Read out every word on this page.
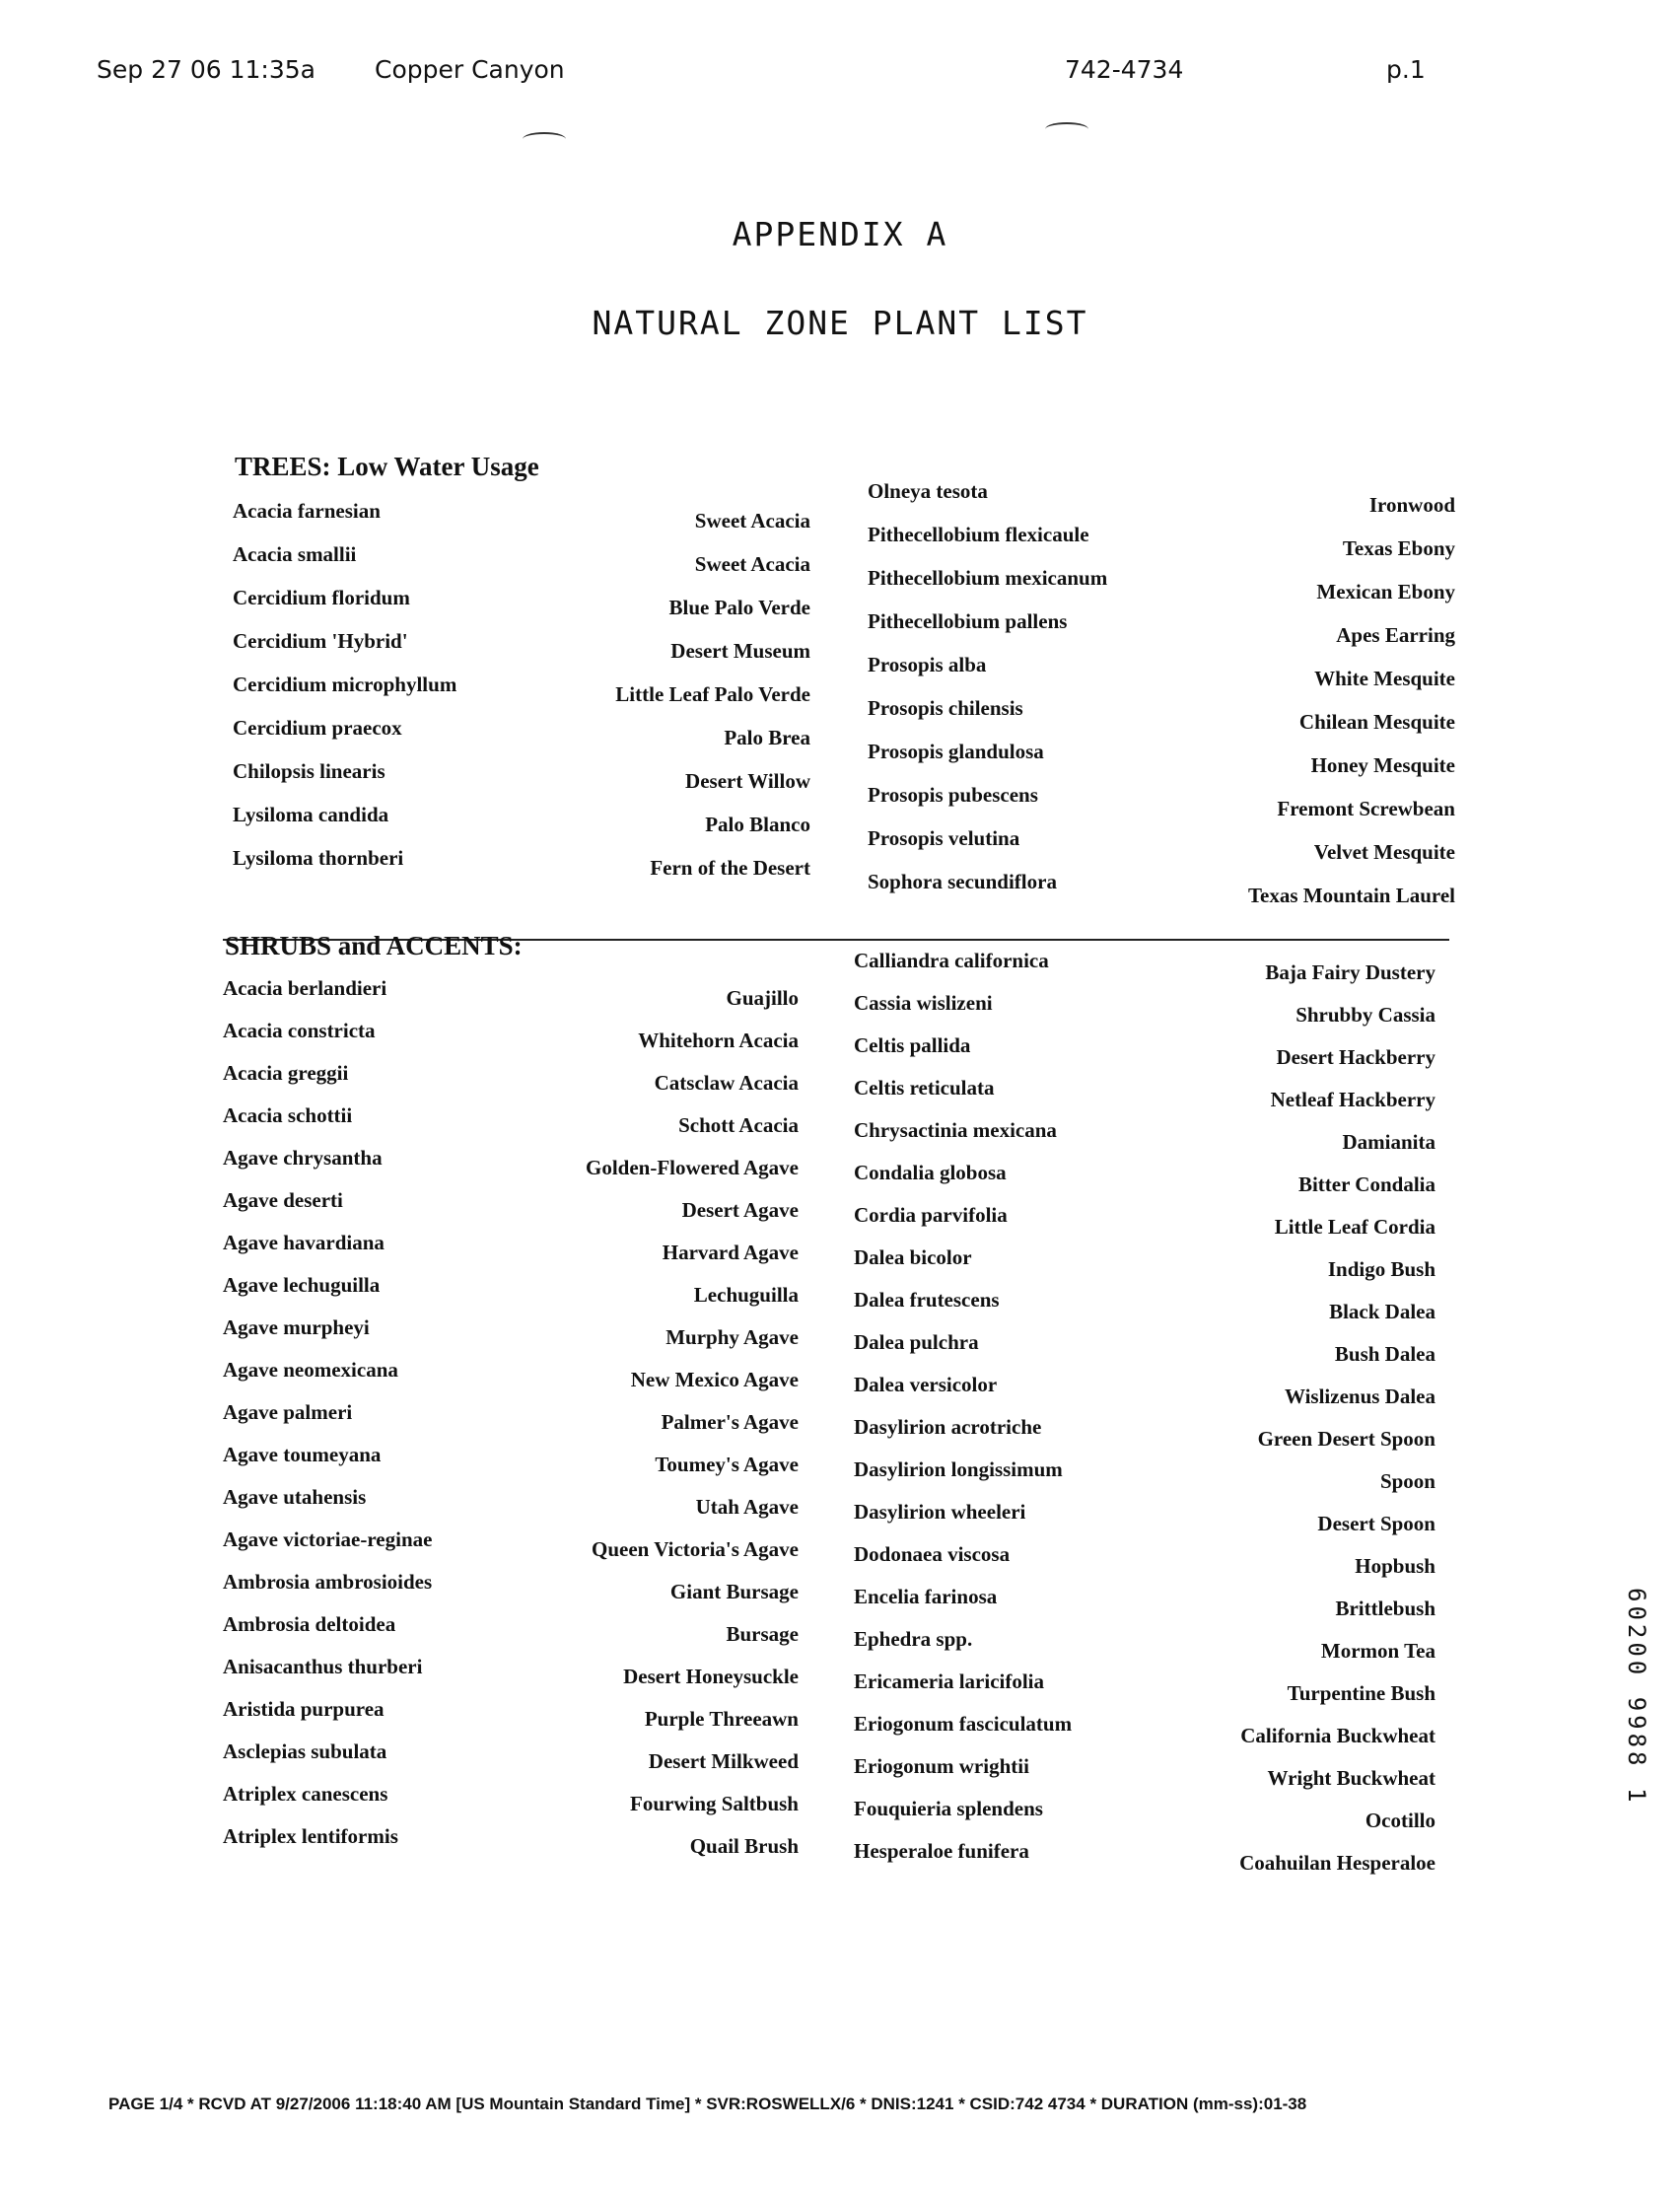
Sep 27 06 11:35a Copper Canyon	742-4734	p.1
APPENDIX A
NATURAL ZONE PLANT LIST
TREES: Low Water Usage
Acacia farnesian
Acacia smallii
Cercidium floridum
Cercidium 'Hybrid'
Cercidium microphyllum
Cercidium praecox
Chilopsis linearis
Lysiloma candida
Lysiloma thornberi
Sweet Acacia
Sweet Acacia
Blue Palo Verde
Desert Museum
Little Leaf Palo Verde
Palo Brea
Desert Willow
Palo Blanco
Fern of the Desert
Olneya tesota
Pithecellobium flexicaule
Pithecellobium mexicanum
Pithecellobium pallens
Prosopis alba
Prosopis chilensis
Prosopis glandulosa
Prosopis pubescens
Prosopis velutina
Sophora secundiflora
Ironwood
Texas Ebony
Mexican Ebony
Apes Earring
White Mesquite
Chilean Mesquite
Honey Mesquite
Fremont Screwbean
Velvet Mesquite
Texas Mountain Laurel
SHRUBS and ACCENTS:
Acacia berlandieri
Acacia constricta
Acacia greggii
Acacia schottii
Agave chrysantha
Agave deserti
Agave havardiana
Agave lechuguilla
Agave murpheyi
Agave neomexicana
Agave palmeri
Agave toumeyana
Agave utahensis
Agave victoriae-reginae
Ambrosia ambrosioides
Ambrosia deltoidea
Anisacanthus thurberi
Aristida purpurea
Asclepias subulata
Atriplex canescens
Atriplex lentiformis
Guajillo
Whitehorn Acacia
Catsclaw Acacia
Schott Acacia
Golden-Flowered Agave
Desert Agave
Harvard Agave
Lechuguilla
Murphy Agave
New Mexico Agave
Palmer's Agave
Toumey's Agave
Utah Agave
Queen Victoria's Agave
Giant Bursage
Bursage
Desert Honeysuckle
Purple Threeawn
Desert Milkweed
Fourwing Saltbush
Quail Brush
Calliandra californica
Cassia wislizeni
Celtis pallida
Celtis reticulata
Chrysactinia mexicana
Condalia globosa
Cordia parvifolia
Dalea bicolor
Dalea frutescens
Dalea pulchra
Dalea versicolor
Dasylirion acrotriche
Dasylirion longissimum
Dasylirion wheeleri
Dodonaea viscosa
Encelia farinosa
Ephedra spp.
Ericameria laricifolia
Eriogonum fasciculatum
Eriogonum wrightii
Fouquieria splendens
Hesperaloe funifera
Baja Fairy Dustery
Shrubby Cassia
Desert Hackberry
Netleaf Hackberry
Damianita
Bitter Condalia
Little Leaf Cordia
Indigo Bush
Black Dalea
Bush Dalea
Wislizenus Dalea
Green Desert Spoon
Spoon
Desert Spoon
Hopbush
Brittlebush
Mormon Tea
Turpentine Bush
California Buckwheat
Wright Buckwheat
Ocotillo
Coahuilan Hesperaloe
60200 9988 1
PAGE 1/4 * RCVD AT 9/27/2006 11:18:40 AM [US Mountain Standard Time] * SVR:ROSWELLX/6 * DNIS:1241 * CSID:742 4734 * DURATION (mm-ss):01-38
